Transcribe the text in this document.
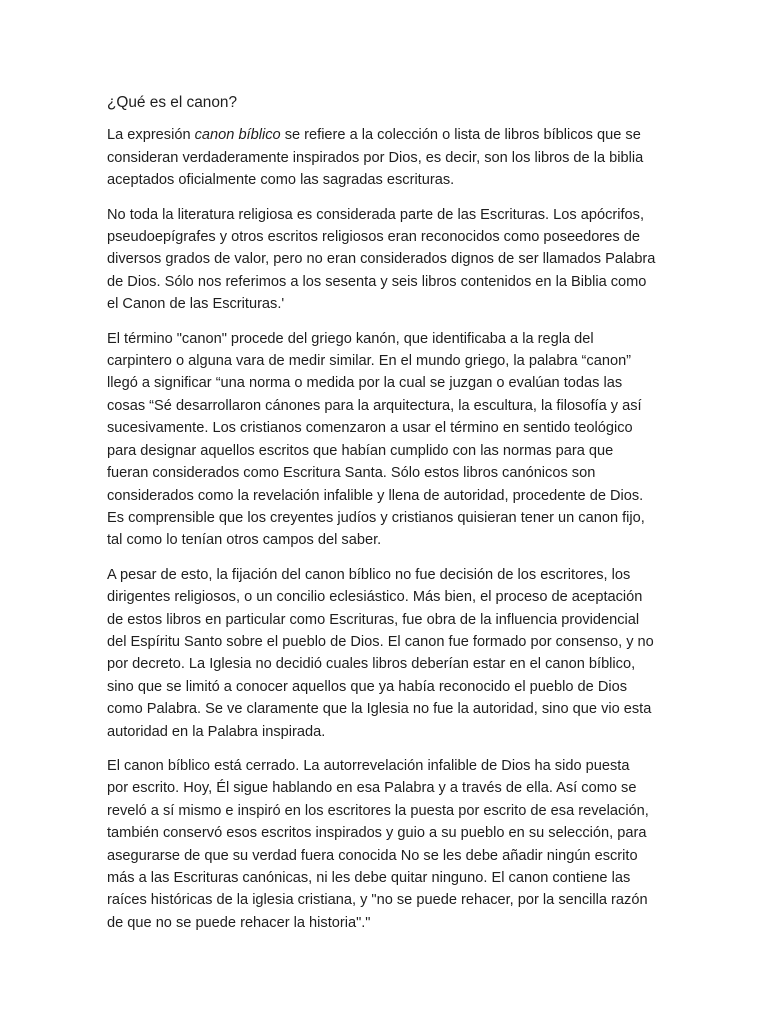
¿Qué es el canon?
La expresión canon bíblico se refiere a la colección o lista de libros bíblicos que se
consideran verdaderamente inspirados por Dios, es decir, son los libros de la biblia
aceptados oficialmente como las sagradas escrituras.
No toda la literatura religiosa es considerada parte de las Escrituras. Los apócrifos,
pseudoepígrafes y otros escritos religiosos eran reconocidos como poseedores de
diversos grados de valor, pero no eran considerados dignos de ser llamados Palabra
de Dios. Sólo nos referimos a los sesenta y seis libros contenidos en la Biblia como
el Canon de las Escrituras.'
El término "canon" procede del griego kanón, que identificaba a la regla del
carpintero o alguna vara de medir similar. En el mundo griego, la palabra “canon”
llegó a significar “una norma o medida por la cual se juzgan o evalúan todas las
cosas “Sé desarrollaron cánones para la arquitectura, la escultura, la filosofía y así
sucesivamente. Los cristianos comenzaron a usar el término en sentido teológico
para designar aquellos escritos que habían cumplido con las normas para que
fueran considerados como Escritura Santa. Sólo estos libros canónicos son
considerados como la revelación infalible y llena de autoridad, procedente de Dios.
Es comprensible que los creyentes judíos y cristianos quisieran tener un canon fijo,
tal como lo tenían otros campos del saber.
A pesar de esto, la fijación del canon bíblico no fue decisión de los escritores, los
dirigentes religiosos, o un concilio eclesiástico. Más bien, el proceso de aceptación
de estos libros en particular como Escrituras, fue obra de la influencia providencial
del Espíritu Santo sobre el pueblo de Dios. El canon fue formado por consenso, y no
por decreto. La Iglesia no decidió cuales libros deberían estar en el canon bíblico,
sino que se limitó a conocer aquellos que ya había reconocido el pueblo de Dios
como Palabra. Se ve claramente que la Iglesia no fue la autoridad, sino que vio esta
autoridad en la Palabra inspirada.
El canon bíblico está cerrado. La autorrevelación infalible de Dios ha sido puesta
por escrito. Hoy, Él sigue hablando en esa Palabra y a través de ella. Así como se
reveló a sí mismo e inspiró en los escritores la puesta por escrito de esa revelación,
también conservó esos escritos inspirados y guio a su pueblo en su selección, para
asegurarse de que su verdad fuera conocida No se les debe añadir ningún escrito
más a las Escrituras canónicas, ni les debe quitar ninguno. El canon contiene las
raíces históricas de la iglesia cristiana, y "no se puede rehacer, por la sencilla razón
de que no se puede rehacer la historia"."
